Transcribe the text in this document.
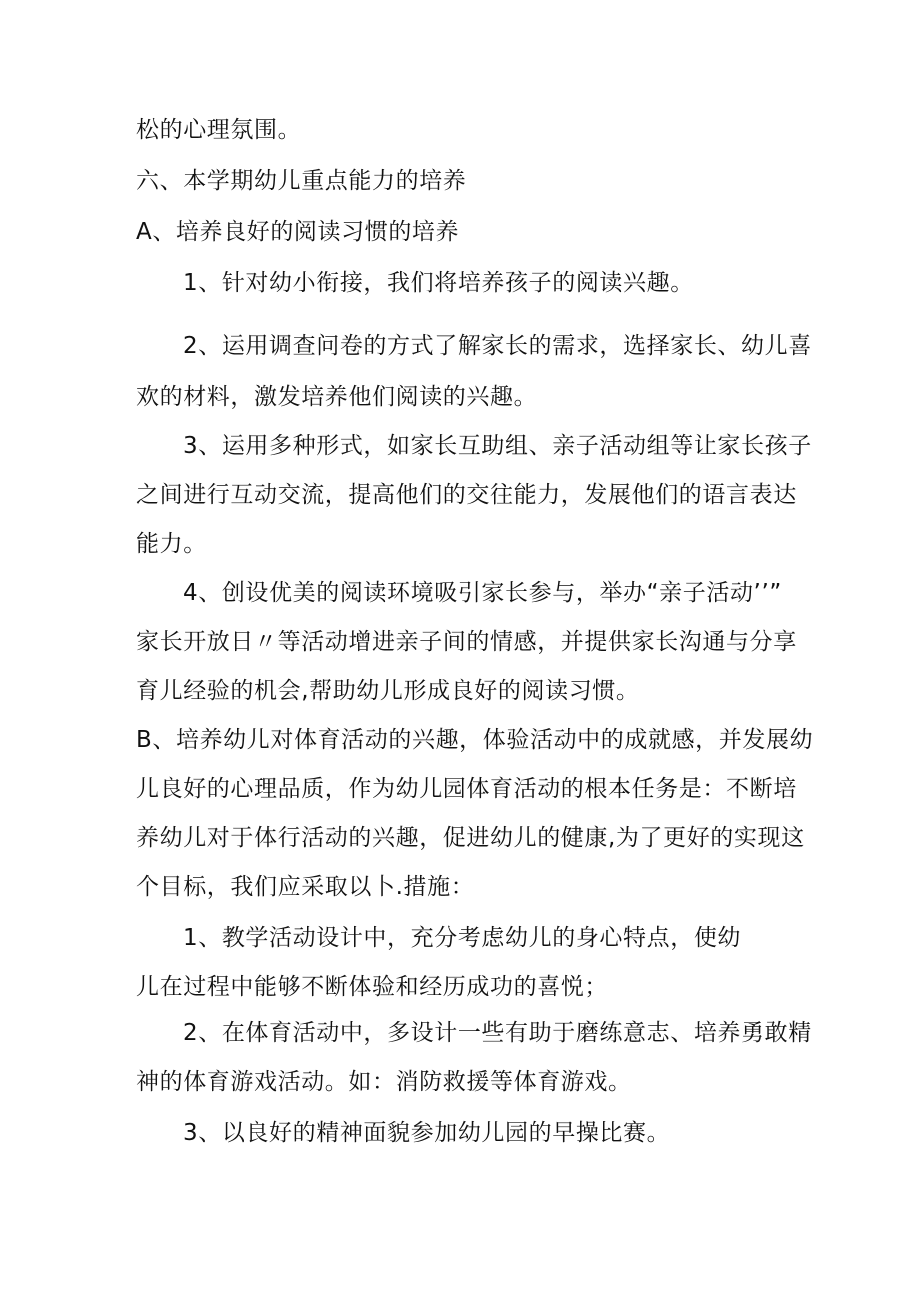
松的心理氛围。
六、本学期幼儿重点能力的培养
A、培养良好的阅读习惯的培养
1、针对幼小衔接，我们将培养孩子的阅读兴趣。
2、运用调查问卷的方式了解家长的需求，选择家长、幼儿喜
欢的材料，激发培养他们阅读的兴趣。
3、运用多种形式，如家长互助组、亲子活动组等让家长孩子
之间进行互动交流，提高他们的交往能力，发展他们的语言表达
能力。
4、创设优美的阅读环境吸引家长参与，举办“亲子活动’’”
家长开放日〃等活动增进亲子间的情感，并提供家长沟通与分享
育儿经验的机会,帮助幼儿形成良好的阅读习惯。
B、培养幼儿对体育活动的兴趣，体验活动中的成就感，并发展幼
儿良好的心理品质，作为幼儿园体育活动的根本任务是：不断培
养幼儿对于体行活动的兴趣，促进幼儿的健康,为了更好的实现这
个目标，我们应采取以卜.措施：
1、教学活动设计中，充分考虑幼儿的身心特点，使幼
儿在过程中能够不断体验和经历成功的喜悦；
2、在体育活动中，多设计一些有助于磨练意志、培养勇敢精
神的体育游戏活动。如：消防救援等体育游戏。
3、以良好的精神面貌参加幼儿园的早操比赛。
